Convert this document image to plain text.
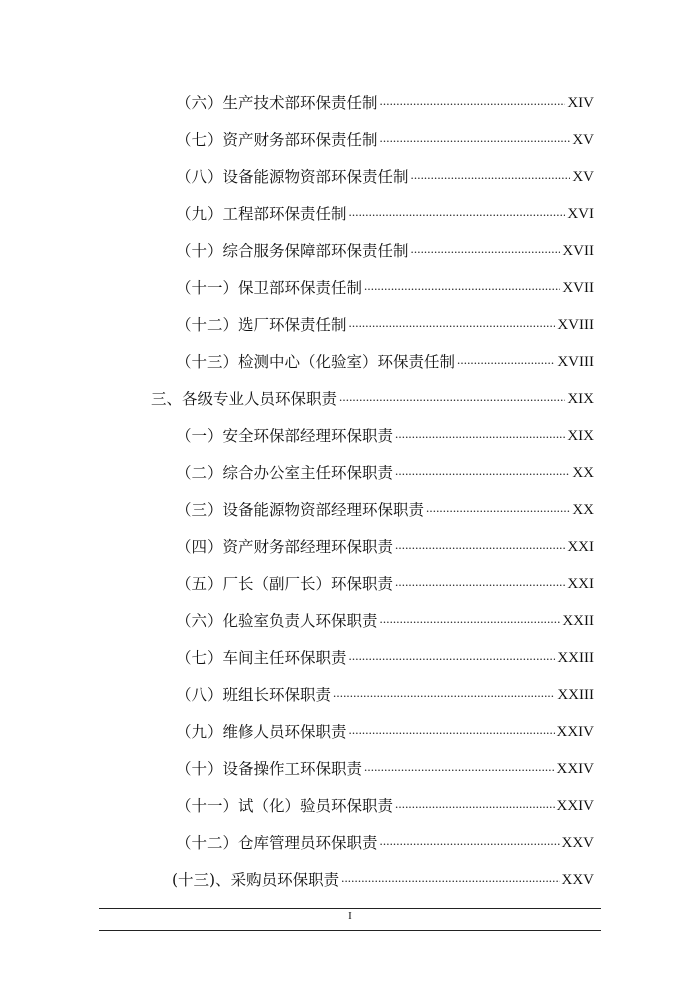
（六）生产技术部环保责任制 .....	XIV
（七）资产财务部环保责任制 .....	XV
（八）设备能源物资部环保责任制 .....	XV
（九）工程部环保责任制 .....	XVI
（十）综合服务保障部环保责任制 .....	XVII
（十一）保卫部环保责任制 .....	XVII
（十二）选厂环保责任制 .....	XVIII
（十三）检测中心（化验室）环保责任制 .....	XVIII
三、各级专业人员环保职责 .....	XIX
（一）安全环保部经理环保职责 .....	XIX
（二）综合办公室主任环保职责 .....	XX
（三）设备能源物资部经理环保职责 .....	XX
（四）资产财务部经理环保职责 .....	XXI
（五）厂长（副厂长）环保职责 .....	XXI
（六）化验室负责人环保职责 .....	XXII
（七）车间主任环保职责 .....	XXIII
（八）班组长环保职责 .....	XXIII
（九）维修人员环保职责 .....	XXIV
（十）设备操作工环保职责 .....	XXIV
（十一）试（化）验员环保职责 .....	XXIV
（十二）仓库管理员环保职责 .....	XXV
(十三)、采购员环保职责 .....	XXV
I
